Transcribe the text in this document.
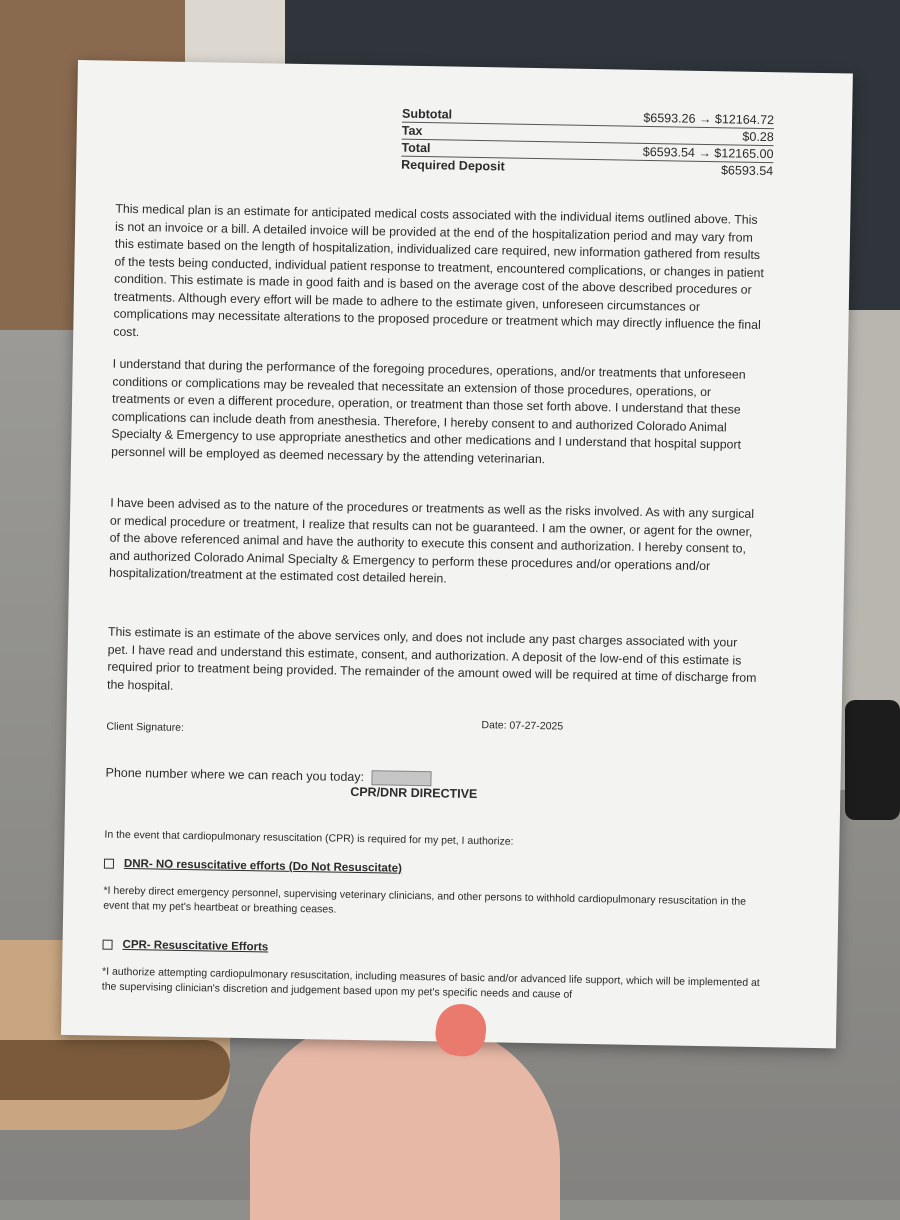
Subtotal	$6593.26 → $12164.72
Tax	$0.28
Total	$6593.54 → $12165.00
Required Deposit	$6593.54

This medical plan is an estimate for anticipated medical costs associated with the individual items outlined above. This is not an invoice or a bill. A detailed invoice will be provided at the end of the hospitalization period and may vary from this estimate based on the length of hospitalization, individualized care required, new information gathered from results of the tests being conducted, individual patient response to treatment, encountered complications, or changes in patient condition. This estimate is made in good faith and is based on the average cost of the above described procedures or treatments. Although every effort will be made to adhere to the estimate given, unforeseen circumstances or complications may necessitate alterations to the proposed procedure or treatment which may directly influence the final cost.

I understand that during the performance of the foregoing procedures, operations, and/or treatments that unforeseen conditions or complications may be revealed that necessitate an extension of those procedures, operations, or treatments or even a different procedure, operation, or treatment than those set forth above. I understand that these complications can include death from anesthesia. Therefore, I hereby consent to and authorized Colorado Animal Specialty & Emergency to use appropriate anesthetics and other medications and I understand that hospital support personnel will be employed as deemed necessary by the attending veterinarian.

I have been advised as to the nature of the procedures or treatments as well as the risks involved. As with any surgical or medical procedure or treatment, I realize that results can not be guaranteed. I am the owner, or agent for the owner, of the above referenced animal and have the authority to execute this consent and authorization. I hereby consent to, and authorized Colorado Animal Specialty & Emergency to perform these procedures and/or operations and/or hospitalization/treatment at the estimated cost detailed herein.

This estimate is an estimate of the above services only, and does not include any past charges associated with your pet. I have read and understand this estimate, consent, and authorization. A deposit of the low-end of this estimate is required prior to treatment being provided. The remainder of the amount owed will be required at time of discharge from the hospital.

Client Signature:	Date: 07-27-2025
Phone number where we can reach you today:
CPR/DNR DIRECTIVE
In the event that cardiopulmonary resuscitation (CPR) is required for my pet, I authorize:
DNR- NO resuscitative efforts (Do Not Resuscitate)

*I hereby direct emergency personnel, supervising veterinary clinicians, and other persons to withhold cardiopulmonary resuscitation in the event that my pet's heartbeat or breathing ceases.

CPR- Resuscitative Efforts

*I authorize attempting cardiopulmonary resuscitation, including measures of basic and/or advanced life support, which will be implemented at the supervising clinician's discretion and judgement based upon my pet's specific needs and cause of
